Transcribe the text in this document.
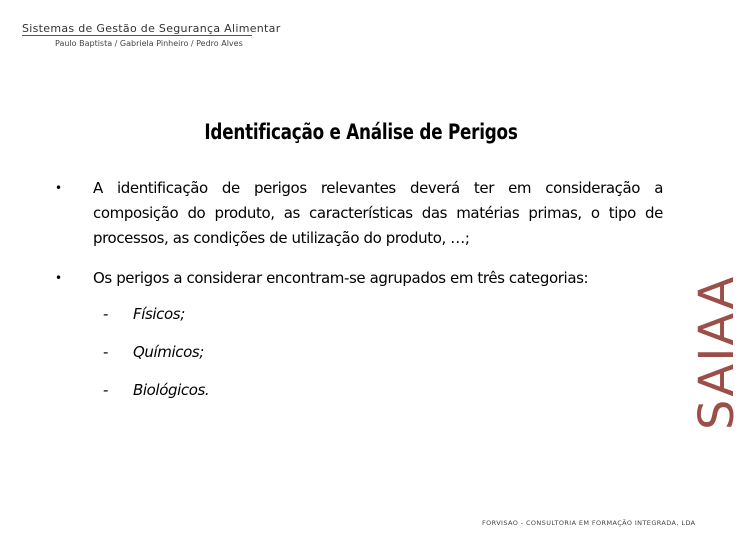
Sistemas de Gestão de Segurança Alimentar
Paulo Baptista / Gabriela Pinheiro / Pedro Alves
Identificação e Análise de Perigos
• A identificação de perigos relevantes deverá ter em consideração a composição do produto, as características das matérias primas, o tipo de processos, as condições de utilização do produto, …;
• Os perigos a considerar encontram-se agrupados em três categorias:
- Físicos;
- Químicos;
- Biológicos.	SAIAA
FORVISAO - CONSULTORIA EM FORMAÇÃO INTEGRADA, LDA
